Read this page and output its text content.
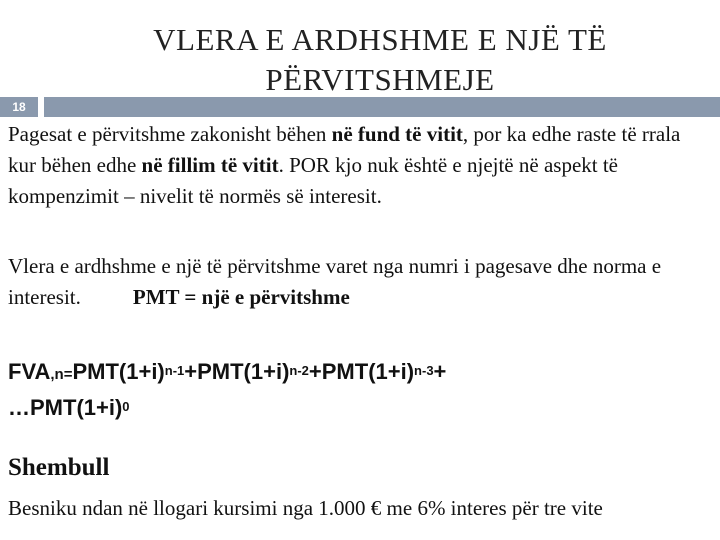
VLERA E ARDHSHME E NJË TË
PËRVITSHMEJE
18

Pagesat e përvitshme zakonisht bëhen në fund të vitit, por ka edhe raste të rrala kur bëhen edhe në fillim të vitit. POR kjo nuk është e njejtë në aspekt të kompenzimit – nivelit të normës së interesit.

Vlera e ardhshme e një të përvitshme varet nga numri i pagesave dhe norma e interesit. PMT = një e përvitshme

$FVA,n=PMT(1+i)^{n-1}+PMT(1+i)^{n-2}+PMT(1+i)^{n-3}+$
$\dots PMT(1+i)^0$

Shembull

Besniku ndan në llogari kursimi nga 1.000 € me 6% interes për tre vite
